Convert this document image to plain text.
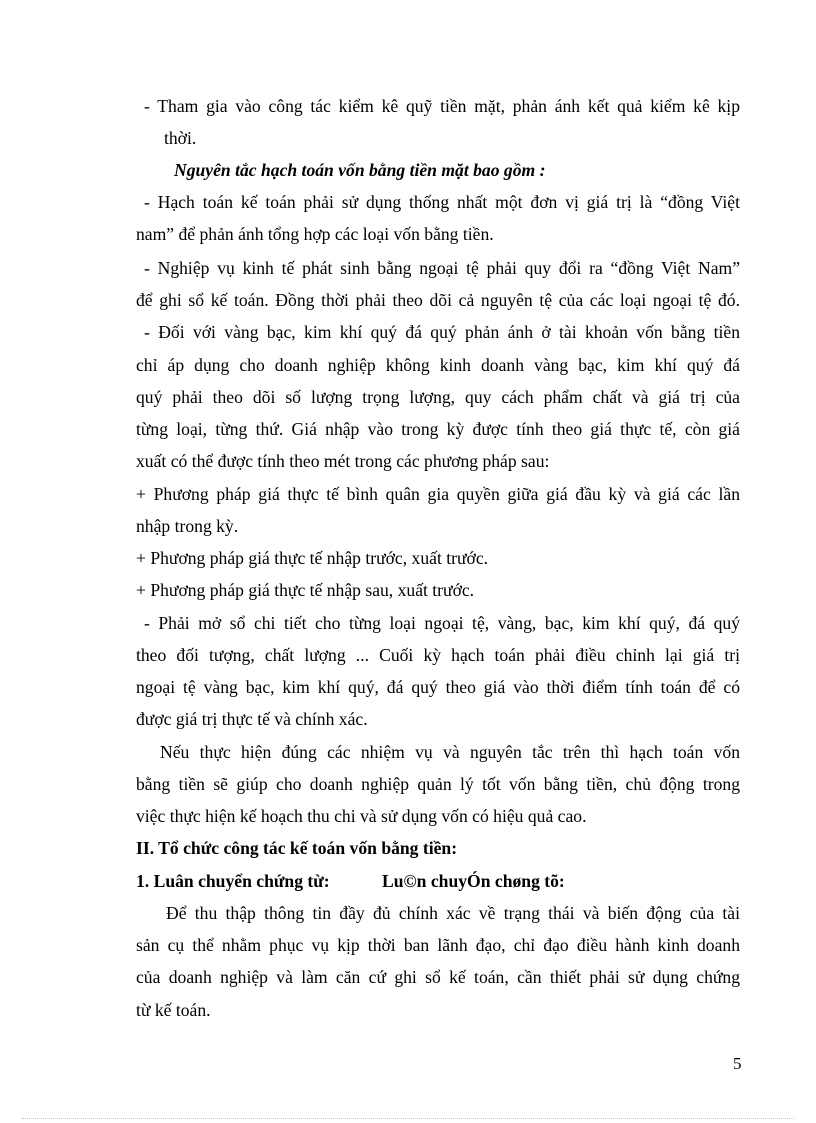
- Tham gia vào công tác kiểm kê quỹ tiền mặt, phản ánh kết quả kiểm kê kịp
thời.
Nguyên tắc hạch toán vốn bằng tiền mặt bao gồm :
- Hạch toán kế toán phải sử dụng thống nhất một đơn vị giá trị là “đồng Việt
nam” để phản ánh tổng hợp các loại vốn bằng tiền.
- Nghiệp vụ kinh tế phát sinh bằng ngoại tệ phải quy đổi ra “đồng Việt Nam”
để ghi sổ kế toán. Đồng thời phải theo dõi cả nguyên tệ của các loại ngoại tệ đó.
- Đối với vàng bạc, kim khí quý đá quý phản ánh ở tài khoản vốn bằng tiền
chỉ áp dụng cho doanh nghiệp không kinh doanh vàng bạc, kim khí quý đá
quý phải theo dõi số lượng trọng lượng, quy cách phẩm chất và giá trị của
từng loại, từng thứ. Giá nhập vào trong kỳ được tính theo giá thực tế, còn giá
xuất có thể được tính theo mét trong các phương pháp sau:
+ Phương pháp giá thực tế bình quân gia quyền giữa giá đầu kỳ và giá các lần
nhập trong kỳ.
+ Phương pháp giá thực tế nhập trước, xuất trước.
+ Phương pháp giá thực tế nhập sau, xuất trước.
- Phải mở sổ chi tiết cho từng loại ngoại tệ, vàng, bạc, kim khí quý, đá quý
theo đối tượng, chất lượng ... Cuối kỳ hạch toán phải điều chỉnh lại giá trị
ngoại tệ vàng bạc, kim khí quý, đá quý theo giá vào thời điểm tính toán để có
được giá trị thực tế và chính xác.
Nếu thực hiện đúng các nhiệm vụ và nguyên tắc trên thì hạch toán vốn
bằng tiền sẽ giúp cho doanh nghiệp quản lý tốt vốn bằng tiền, chủ động trong
việc thực hiện kế hoạch thu chi và sử dụng vốn có hiệu quả cao.
II. Tổ chức công tác kế toán vốn bằng tiền:
1. Luân chuyển chứng từ:	Lu©n chuyÓn chøng tõ:
Để thu thập thông tin đầy đủ chính xác về trạng thái và biến động của tài
sản cụ thể nhằm phục vụ kịp thời ban lãnh đạo, chỉ đạo điều hành kinh doanh
của doanh nghiệp và làm căn cứ ghi sổ kế toán, cần thiết phải sử dụng chứng
từ kế toán.
5
